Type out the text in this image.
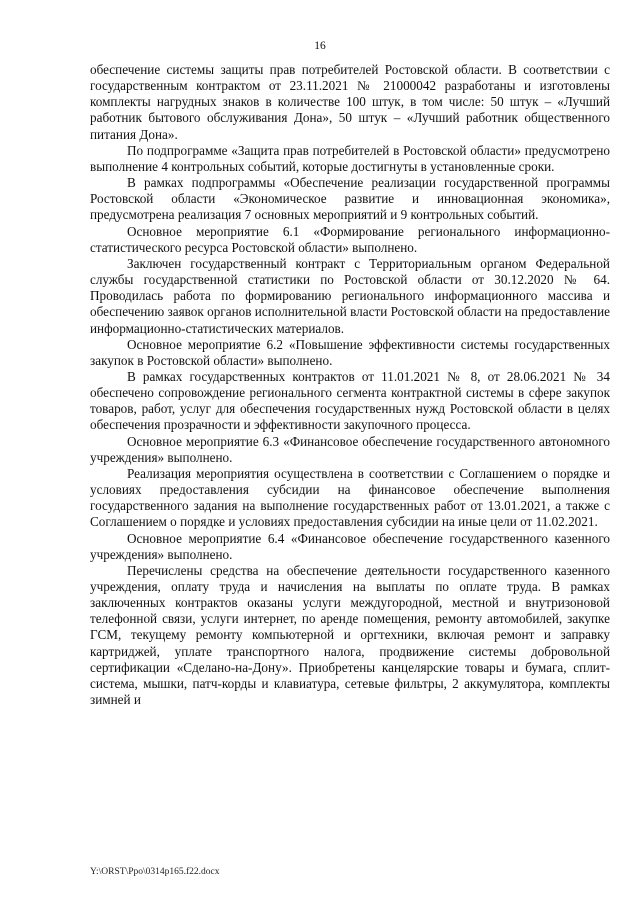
16

обеспечение системы защиты прав потребителей Ростовской области. В соответствии с государственным контрактом от 23.11.2021 № 21000042 разработаны и изготовлены комплекты нагрудных знаков в количестве 100 штук, в том числе: 50 штук – «Лучший работник бытового обслуживания Дона», 50 штук – «Лучший работник общественного питания Дона».

По подпрограмме «Защита прав потребителей в Ростовской области» предусмотрено выполнение 4 контрольных событий, которые достигнуты в установленные сроки.

В рамках подпрограммы «Обеспечение реализации государственной программы Ростовской области «Экономическое развитие и инновационная экономика», предусмотрена реализация 7 основных мероприятий и 9 контрольных событий.

Основное мероприятие 6.1 «Формирование регионального информационно-статистического ресурса Ростовской области» выполнено.

Заключен государственный контракт с Территориальным органом Федеральной службы государственной статистики по Ростовской области от 30.12.2020 № 64. Проводилась работа по формированию регионального информационного массива и обеспечению заявок органов исполнительной власти Ростовской области на предоставление информационно-статистических материалов.

Основное мероприятие 6.2 «Повышение эффективности системы государственных закупок в Ростовской области» выполнено.

В рамках государственных контрактов от 11.01.2021 № 8, от 28.06.2021 № 34 обеспечено сопровождение регионального сегмента контрактной системы в сфере закупок товаров, работ, услуг для обеспечения государственных нужд Ростовской области в целях обеспечения прозрачности и эффективности закупочного процесса.

Основное мероприятие 6.3 «Финансовое обеспечение государственного автономного учреждения» выполнено.

Реализация мероприятия осуществлена в соответствии с Соглашением о порядке и условиях предоставления субсидии на финансовое обеспечение выполнения государственного задания на выполнение государственных работ от 13.01.2021, а также с Соглашением о порядке и условиях предоставления субсидии на иные цели от 11.02.2021.

Основное мероприятие 6.4 «Финансовое обеспечение государственного казенного учреждения» выполнено.

Перечислены средства на обеспечение деятельности государственного казенного учреждения, оплату труда и начисления на выплаты по оплате труда. В рамках заключенных контрактов оказаны услуги междугородной, местной и внутризоновой телефонной связи, услуги интернет, по аренде помещения, ремонту автомобилей, закупке ГСМ, текущему ремонту компьютерной и оргтехники, включая ремонт и заправку картриджей, уплате транспортного налога, продвижение системы добровольной сертификации «Сделано-на-Дону». Приобретены канцелярские товары и бумага, сплит-система, мышки, патч-корды и клавиатура, сетевые фильтры, 2 аккумулятора, комплекты зимней и

Y:\ORST\Ppo\0314p165.f22.docx
